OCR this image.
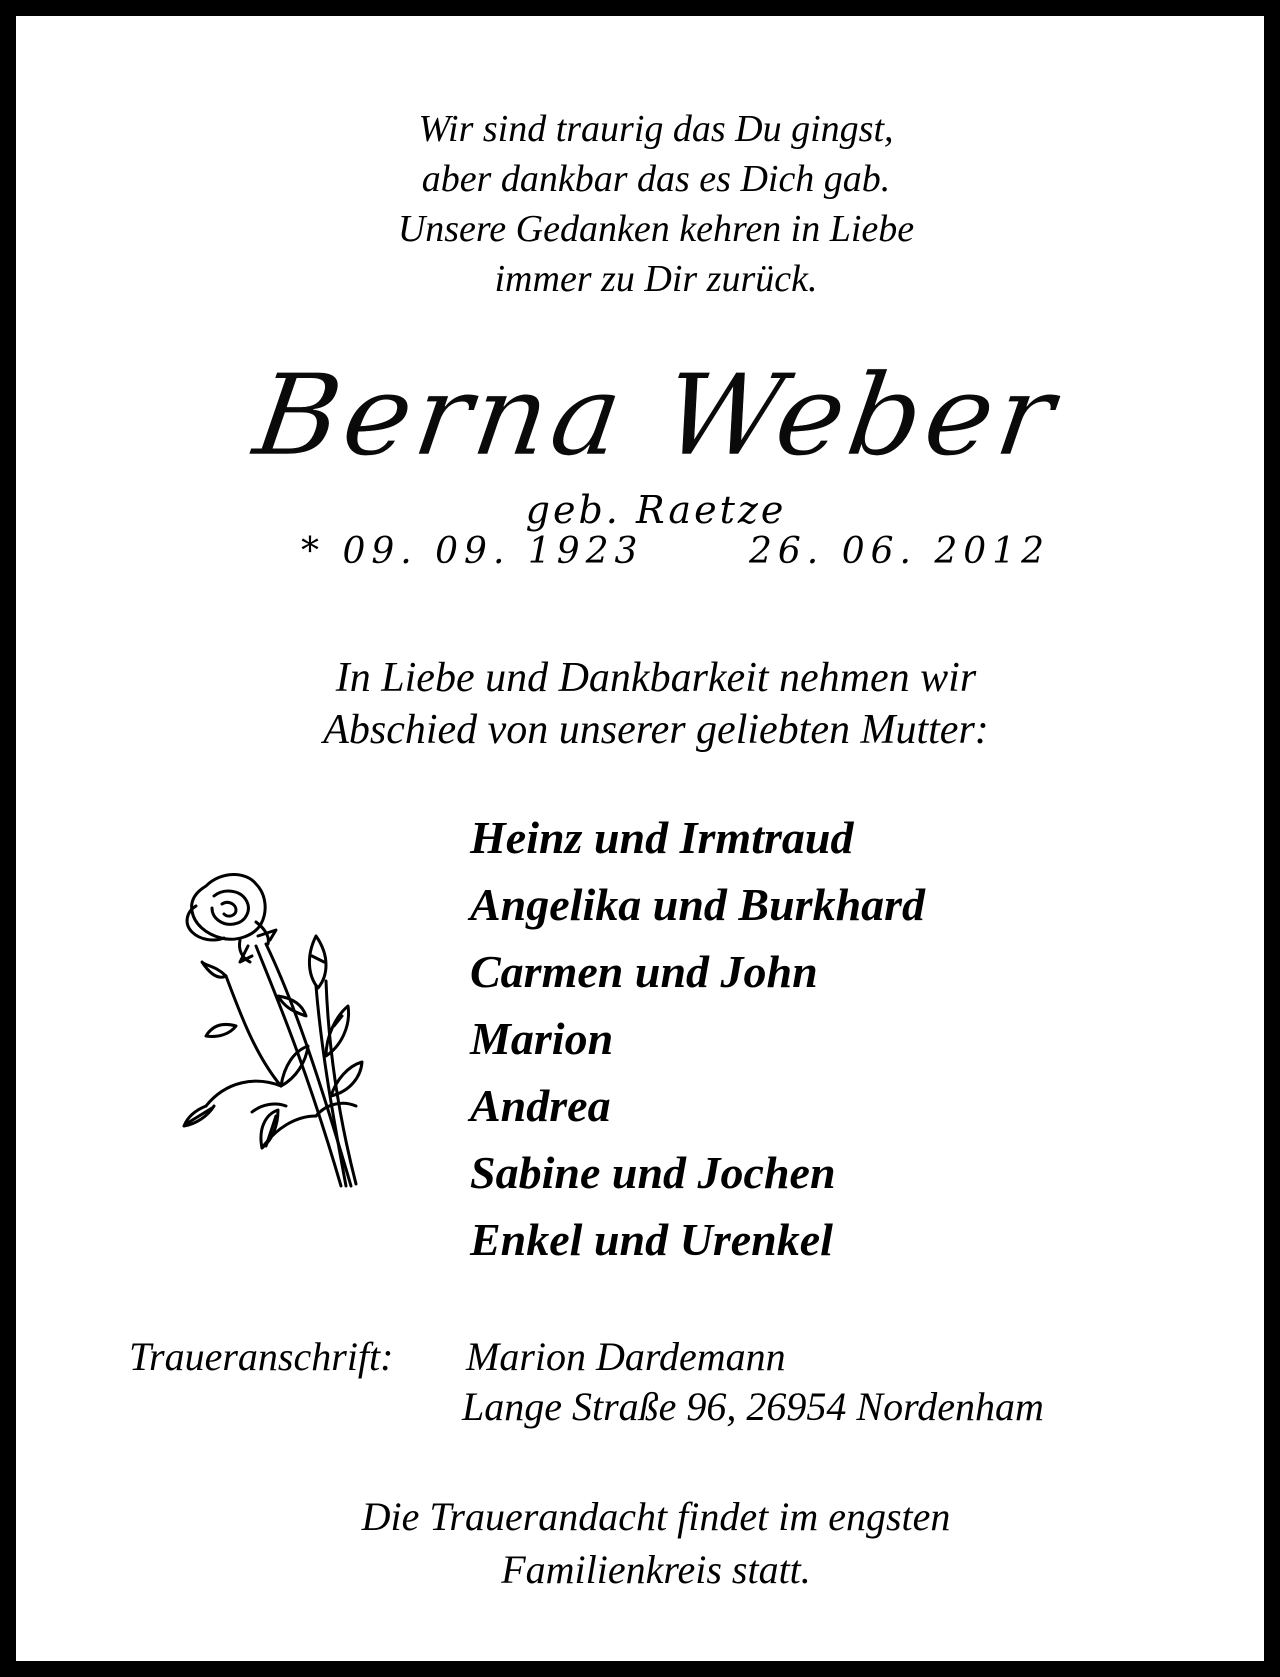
Wir sind traurig das Du gingst,
aber dankbar das es Dich gab.
Unsere Gedanken kehren in Liebe
immer zu Dir zurück.
Berna Weber
geb. Raetze
* 09. 09. 1923	26. 06. 2012
In Liebe und Dankbarkeit nehmen wir
Abschied von unserer geliebten Mutter:
Heinz und Irmtraud
Angelika und Burkhard
Carmen und John
Marion
Andrea
Sabine und Jochen
Enkel und Urenkel
Traueranschrift: Marion Dardemann
Lange Straße 96, 26954 Nordenham
Die Trauerandacht findet im engsten
Familienkreis statt.
